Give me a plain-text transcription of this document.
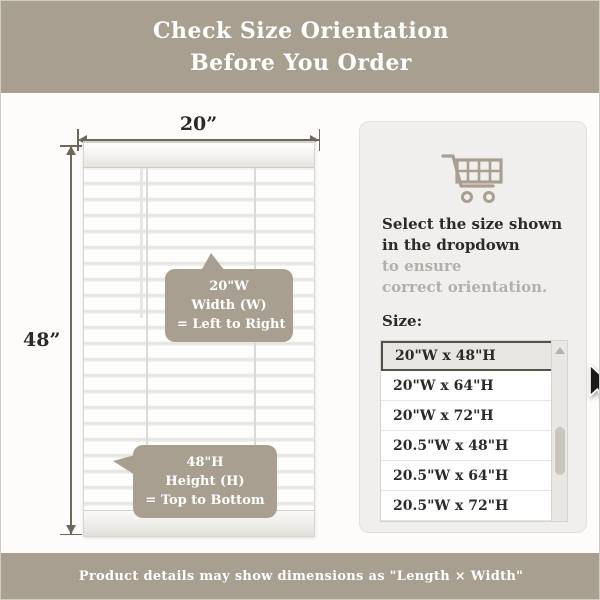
Check Size Orientation
Before You Order
20”
48”
20"W
Width (W)
= Left to Right
48"H
Height (H)
= Top to Bottom
Select the size shown
in the dropdown
to ensure
correct orientation.
Size:
20"W x 48"H
20"W x 64"H
20"W x 72"H
20.5"W x 48"H
20.5"W x 64"H
20.5"W x 72"H
Product details may show dimensions as "Length × Width"
